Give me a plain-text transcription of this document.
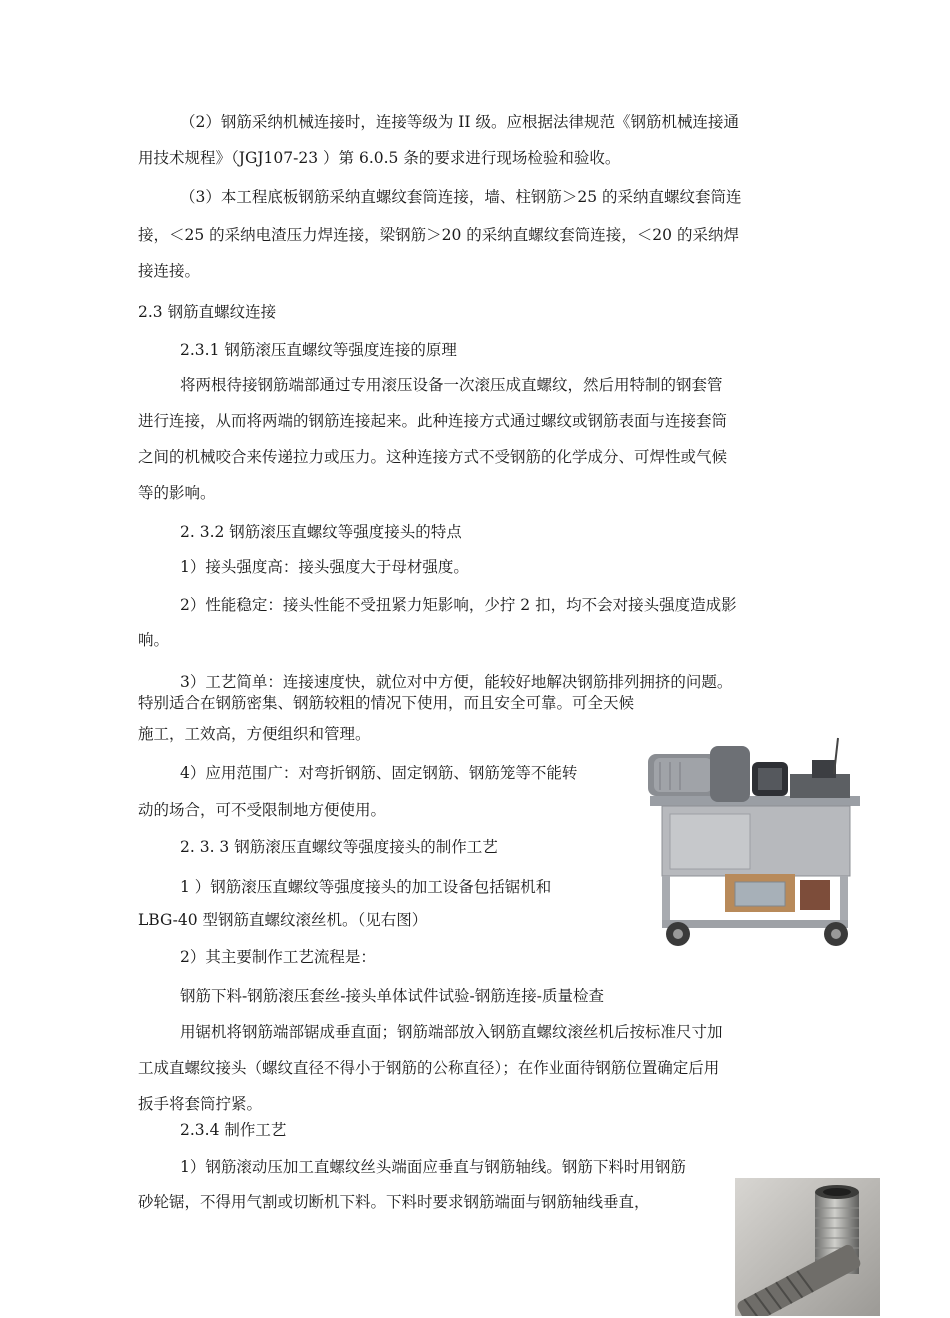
（2）钢筋采纳机械连接时，连接等级为 II 级。应根据法律规范《钢筋机械连接通
用技术规程》（JGJ107-23 ）第 6.0.5 条的要求进行现场检验和验收。
（3）本工程底板钢筋采纳直螺纹套筒连接，墙、柱钢筋＞25 的采纳直螺纹套筒连
接，＜25 的采纳电渣压力焊连接，梁钢筋＞20 的采纳直螺纹套筒连接，＜20 的采纳焊
接连接。
2.3 钢筋直螺纹连接
2.3.1 钢筋滚压直螺纹等强度连接的原理
将两根待接钢筋端部通过专用滚压设备一次滚压成直螺纹，然后用特制的钢套管
进行连接，从而将两端的钢筋连接起来。此种连接方式通过螺纹或钢筋表面与连接套筒
之间的机械咬合来传递拉力或压力。这种连接方式不受钢筋的化学成分、可焊性或气候
等的影响。
2. 3.2 钢筋滚压直螺纹等强度接头的特点
1）接头强度高：接头强度大于母材强度。
2）性能稳定：接头性能不受扭紧力矩影响，少拧 2 扣，均不会对接头强度造成影
响。
3）工艺简单：连接速度快，就位对中方便，能较好地解决钢筋排列拥挤的问题。
特别适合在钢筋密集、钢筋较粗的情况下使用，而且安全可靠。可全天候
施工，工效高，方便组织和管理。
4）应用范围广：对弯折钢筋、固定钢筋、钢筋笼等不能转
动的场合，可不受限制地方便使用。
2. 3. 3 钢筋滚压直螺纹等强度接头的制作工艺
1 ）钢筋滚压直螺纹等强度接头的加工设备包括锯机和
LBG-40 型钢筋直螺纹滚丝机。（见右图）
2）其主要制作工艺流程是：
钢筋下料-钢筋滚压套丝-接头单体试件试验-钢筋连接-质量检查
用锯机将钢筋端部锯成垂直面；钢筋端部放入钢筋直螺纹滚丝机后按标准尺寸加
工成直螺纹接头（螺纹直径不得小于钢筋的公称直径）；在作业面待钢筋位置确定后用
扳手将套筒拧紧。
2.3.4 制作工艺
1）钢筋滚动压加工直螺纹丝头端面应垂直与钢筋轴线。钢筋下料时用钢筋
砂轮锯，不得用气割或切断机下料。下料时要求钢筋端面与钢筋轴线垂直，
